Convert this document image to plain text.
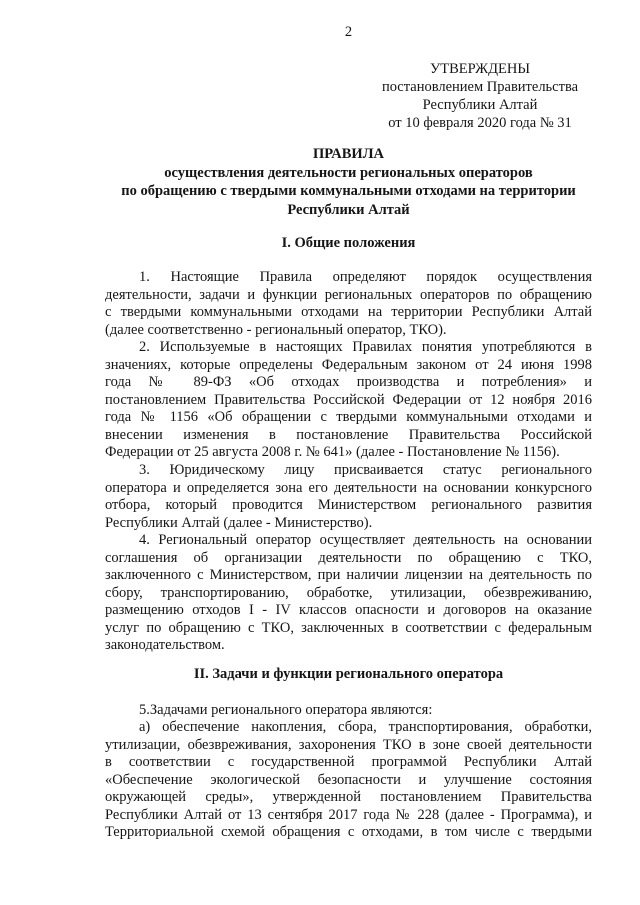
2
УТВЕРЖДЕНЫ
постановлением Правительства
Республики Алтай
от 10 февраля 2020 года № 31
ПРАВИЛА
осуществления деятельности региональных операторов
по обращению с твердыми коммунальными отходами на территории
Республики Алтай
I. Общие положения
1. Настоящие Правила определяют порядок осуществления
деятельности, задачи и функции региональных операторов по обращению
с твердыми коммунальными отходами на территории Республики Алтай
(далее соответственно - региональный оператор, ТКО).
2. Используемые в настоящих Правилах понятия употребляются в
значениях, которые определены Федеральным законом от 24 июня 1998
года № 89-ФЗ «Об отходах производства и потребления» и
постановлением Правительства Российской Федерации от 12 ноября 2016
года № 1156 «Об обращении с твердыми коммунальными отходами и
внесении изменения в постановление Правительства Российской
Федерации от 25 августа 2008 г. № 641» (далее - Постановление № 1156).
3. Юридическому лицу присваивается статус регионального
оператора и определяется зона его деятельности на основании конкурсного
отбора, который проводится Министерством регионального развития
Республики Алтай (далее - Министерство).
4. Региональный оператор осуществляет деятельность на основании
соглашения об организации деятельности по обращению с ТКО,
заключенного с Министерством, при наличии лицензии на деятельность по
сбору, транспортированию, обработке, утилизации, обезвреживанию,
размещению отходов I - IV классов опасности и договоров на оказание
услуг по обращению с ТКО, заключенных в соответствии с федеральным
законодательством.
II. Задачи и функции регионального оператора
5.Задачами регионального оператора являются:
а) обеспечение накопления, сбора, транспортирования, обработки,
утилизации, обезвреживания, захоронения ТКО в зоне своей деятельности
в соответствии с государственной программой Республики Алтай
«Обеспечение экологической безопасности и улучшение состояния
окружающей среды», утвержденной постановлением Правительства
Республики Алтай от 13 сентября 2017 года № 228 (далее - Программа), и
Территориальной схемой обращения с отходами, в том числе с твердыми
